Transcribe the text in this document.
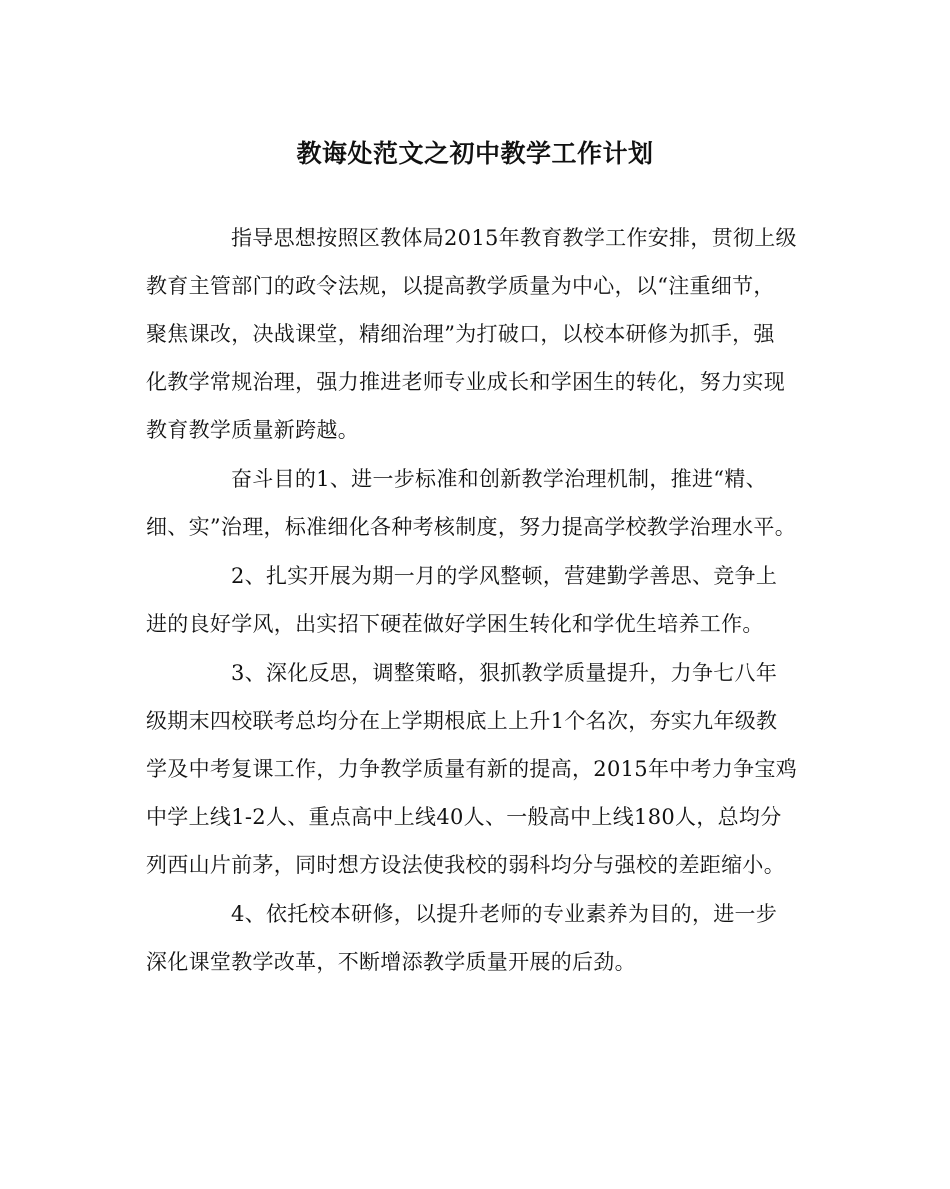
教诲处范文之初中教学工作计划
指导思想按照区教体局2015年教育教学工作安排，贯彻上级
教育主管部门的政令法规，以提高教学质量为中心，以“注重细节，
聚焦课改，决战课堂，精细治理”为打破口，以校本研修为抓手，强
化教学常规治理，强力推进老师专业成长和学困生的转化，努力实现
教育教学质量新跨越。
奋斗目的1、进一步标准和创新教学治理机制，推进“精、
细、实”治理，标准细化各种考核制度，努力提高学校教学治理水平。
2、扎实开展为期一月的学风整顿，营建勤学善思、竞争上
进的良好学风，出实招下硬茬做好学困生转化和学优生培养工作。
3、深化反思，调整策略，狠抓教学质量提升，力争七八年
级期末四校联考总均分在上学期根底上上升1个名次，夯实九年级教
学及中考复课工作，力争教学质量有新的提高，2015年中考力争宝鸡
中学上线1-2人、重点高中上线40人、一般高中上线180人，总均分
列西山片前茅，同时想方设法使我校的弱科均分与强校的差距缩小。
4、依托校本研修，以提升老师的专业素养为目的，进一步
深化课堂教学改革，不断增添教学质量开展的后劲。
